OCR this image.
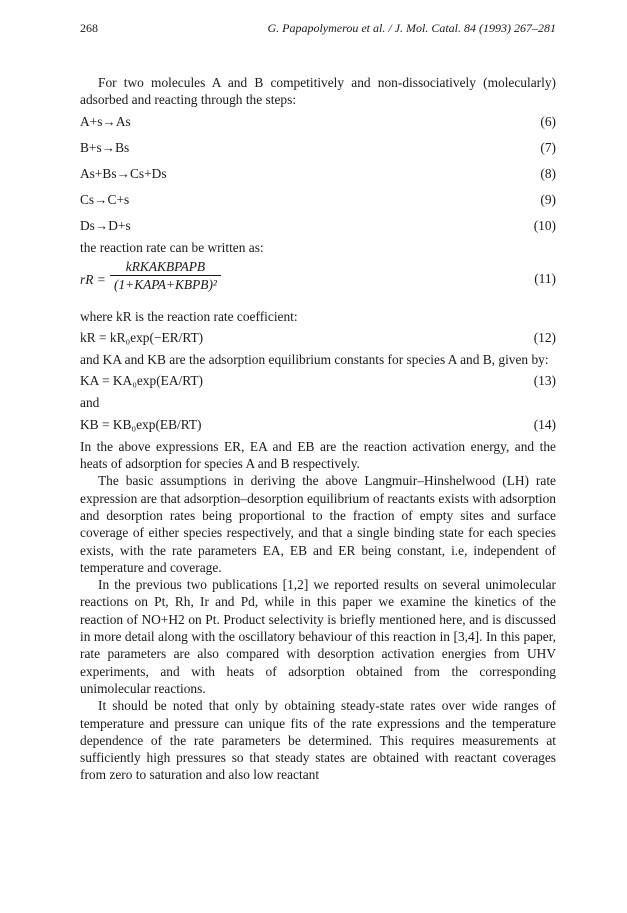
268	G. Papapolymerou et al. / J. Mol. Catal. 84 (1993) 267–281

For two molecules A and B competitively and non-dissociatively (molecularly) adsorbed and reacting through the steps:

A+s→As	(6)
B+s→Bs	(7)
As+Bs→Cs+Ds	(8)
Cs→C+s	(9)
Ds→D+s	(10)

the reaction rate can be written as:

rR =
kRKAKBPAPB
(1+KAPA+KBPB)²	(11)

where kR is the reaction rate coefficient:

kR = kR₀exp(−ER/RT)	(12)

and KA and KB are the adsorption equilibrium constants for species A and B, given by:

KA = KA₀exp(EA/RT)	(13)

and

KB = KB₀exp(EB/RT)	(14)

In the above expressions ER, EA and EB are the reaction activation energy, and the heats of adsorption for species A and B respectively.

The basic assumptions in deriving the above Langmuir–Hinshelwood (LH) rate expression are that adsorption–desorption equilibrium of reactants exists with adsorption and desorption rates being proportional to the fraction of empty sites and surface coverage of either species respectively, and that a single binding state for each species exists, with the rate parameters EA, EB and ER being constant, i.e, independent of temperature and coverage.

In the previous two publications [1,2] we reported results on several unimolecular reactions on Pt, Rh, Ir and Pd, while in this paper we examine the kinetics of the reaction of NO+H2 on Pt. Product selectivity is briefly mentioned here, and is discussed in more detail along with the oscillatory behaviour of this reaction in [3,4]. In this paper, rate parameters are also compared with desorption activation energies from UHV experiments, and with heats of adsorption obtained from the corresponding unimolecular reactions.

It should be noted that only by obtaining steady-state rates over wide ranges of temperature and pressure can unique fits of the rate expressions and the temperature dependence of the rate parameters be determined. This requires measurements at sufficiently high pressures so that steady states are obtained with reactant coverages from zero to saturation and also low reactant
